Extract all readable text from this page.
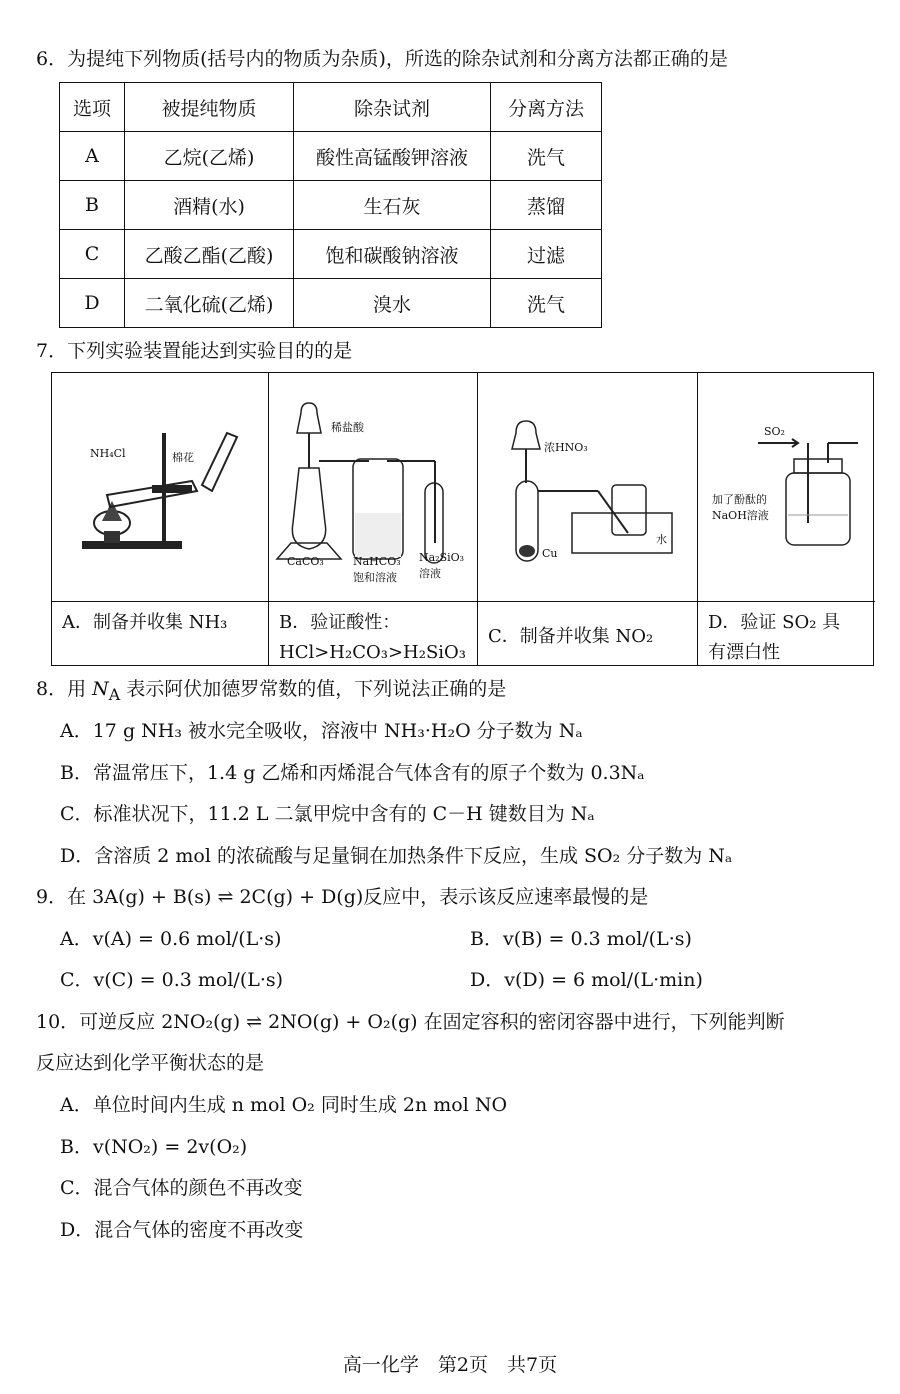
6．为提纯下列物质(括号内的物质为杂质)，所选的除杂试剂和分离方法都正确的是
选项	被提纯物质	除杂试剂	分离方法
A	乙烷(乙烯)	酸性高锰酸钾溶液	洗气
B	酒精(水)	生石灰	蒸馏
C	乙酸乙酯(乙酸)	饱和碳酸钠溶液	过滤
D	二氧化硫(乙烯)	溴水	洗气
7．下列实验装置能达到实验目的的是
NH₄Cl	棉花
A．制备并收集 NH₃
稀盐酸
CaCO₃	NaHCO₃
饱和溶液
Na₂SiO₃
溶液
B．验证酸性：
HCl>H₂CO₃>H₂SiO₃
浓HNO₃
Cu
水
C．制备并收集 NO₂
SO₂
加了酚酞的
NaOH溶液
D．验证 SO₂ 具
有漂白性
8．用 $N_A$ 表示阿伏加德罗常数的值，下列说法正确的是
A．17 g NH₃ 被水完全吸收，溶液中 NH₃·H₂O 分子数为 Nₐ
B．常温常压下，1.4 g 乙烯和丙烯混合气体含有的原子个数为 0.3Nₐ
C．标准状况下，11.2 L 二氯甲烷中含有的 C－H 键数目为 Nₐ
D．含溶质 2 mol 的浓硫酸与足量铜在加热条件下反应，生成 SO₂ 分子数为 Nₐ
9．在 3A(g) + B(s) ⇌ 2C(g) + D(g)反应中，表示该反应速率最慢的是
A．v(A) = 0.6 mol/(L·s)	B．v(B) = 0.3 mol/(L·s)
C．v(C) = 0.3 mol/(L·s)	D．v(D) = 6 mol/(L·min)
10．可逆反应 2NO₂(g) ⇌ 2NO(g) + O₂(g) 在固定容积的密闭容器中进行，下列能判断
反应达到化学平衡状态的是
A．单位时间内生成 n mol O₂ 同时生成 2n mol NO
B．v(NO₂) = 2v(O₂)
C．混合气体的颜色不再改变
D．混合气体的密度不再改变
高一化学　第2页　共7页
